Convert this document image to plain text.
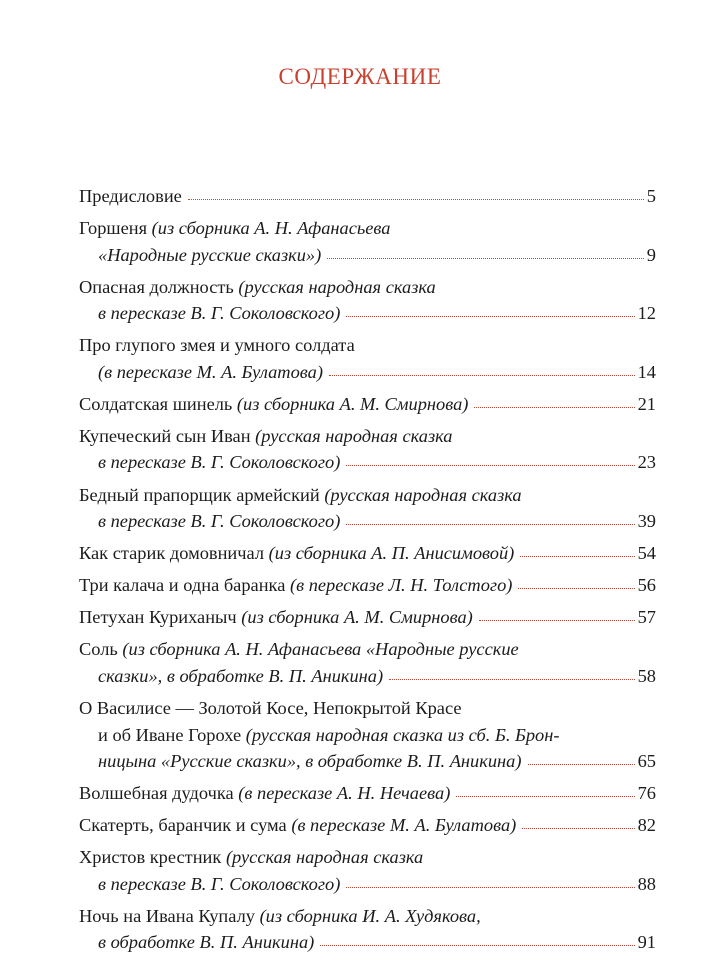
СОДЕРЖАНИЕ
Предисловие	5
Горшеня
(из сборника А. Н. Афанасьева
«Народные русские сказки»)	9
Опасная должность
(русская народная сказка
в пересказе В. Г. Соколовского)	12
Про глупого змея и умного солдата
(в пересказе М. А. Булатова)	14
Солдатская шинель
(из сборника А. М. Смирнова)	21
Купеческий сын Иван
(русская народная сказка
в пересказе В. Г. Соколовского)	23
Бедный прапорщик армейский
(русская народная сказка
в пересказе В. Г. Соколовского)	39
Как старик домовничал
(из сборника А. П. Анисимовой)	54
Три калача и одна баранка
(в пересказе Л. Н. Толстого)	56
Петухан Куриханыч
(из сборника А. М. Смирнова)	57
Соль
(из сборника А. Н. Афанасьева «Народные русские
сказки», в обработке В. П. Аникина)	58
О Василисе — Золотой Косе, Непокрытой Красе
и об Иване Горохе
(русская народная сказка из сб. Б. Брон-
ницына «Русские сказки», в обработке В. П. Аникина)	65
Волшебная дудочка
(в пересказе А. Н. Нечаева)	76
Скатерть, баранчик и сума
(в пересказе М. А. Булатова)	82
Христов крестник
(русская народная сказка
в пересказе В. Г. Соколовского)	88
Ночь на Ивана Купалу
(из сборника И. А. Худякова,
в обработке В. П. Аникина)	91
